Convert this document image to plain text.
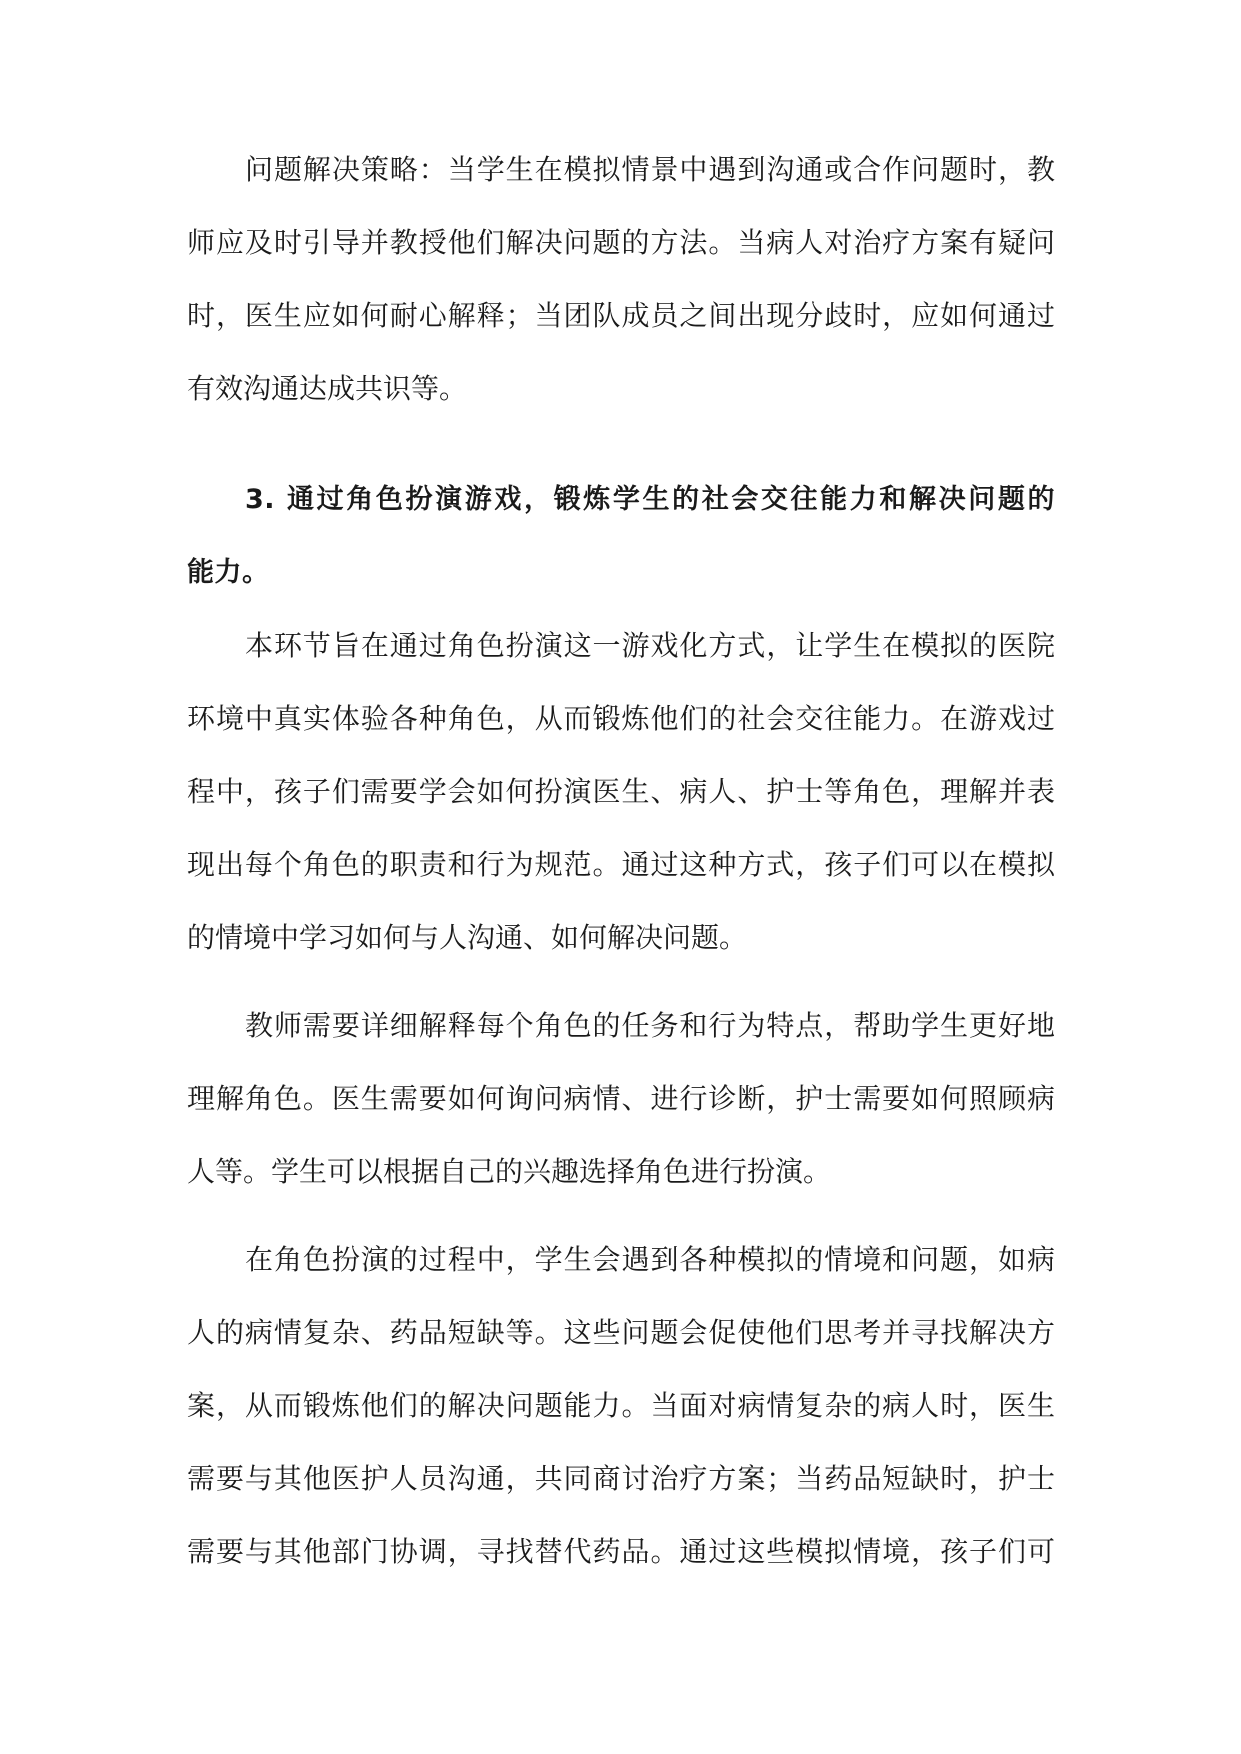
问题解决策略：当学生在模拟情景中遇到沟通或合作问题时，教
师应及时引导并教授他们解决问题的方法。当病人对治疗方案有疑问
时，医生应如何耐心解释；当团队成员之间出现分歧时，应如何通过
有效沟通达成共识等。
3. 通过角色扮演游戏，锻炼学生的社会交往能力和解决问题的
能力。
本环节旨在通过角色扮演这一游戏化方式，让学生在模拟的医院
环境中真实体验各种角色，从而锻炼他们的社会交往能力。在游戏过
程中，孩子们需要学会如何扮演医生、病人、护士等角色，理解并表
现出每个角色的职责和行为规范。通过这种方式，孩子们可以在模拟
的情境中学习如何与人沟通、如何解决问题。
教师需要详细解释每个角色的任务和行为特点，帮助学生更好地
理解角色。医生需要如何询问病情、进行诊断，护士需要如何照顾病
人等。学生可以根据自己的兴趣选择角色进行扮演。
在角色扮演的过程中，学生会遇到各种模拟的情境和问题，如病
人的病情复杂、药品短缺等。这些问题会促使他们思考并寻找解决方
案，从而锻炼他们的解决问题能力。当面对病情复杂的病人时，医生
需要与其他医护人员沟通，共同商讨治疗方案；当药品短缺时，护士
需要与其他部门协调，寻找替代药品。通过这些模拟情境，孩子们可
